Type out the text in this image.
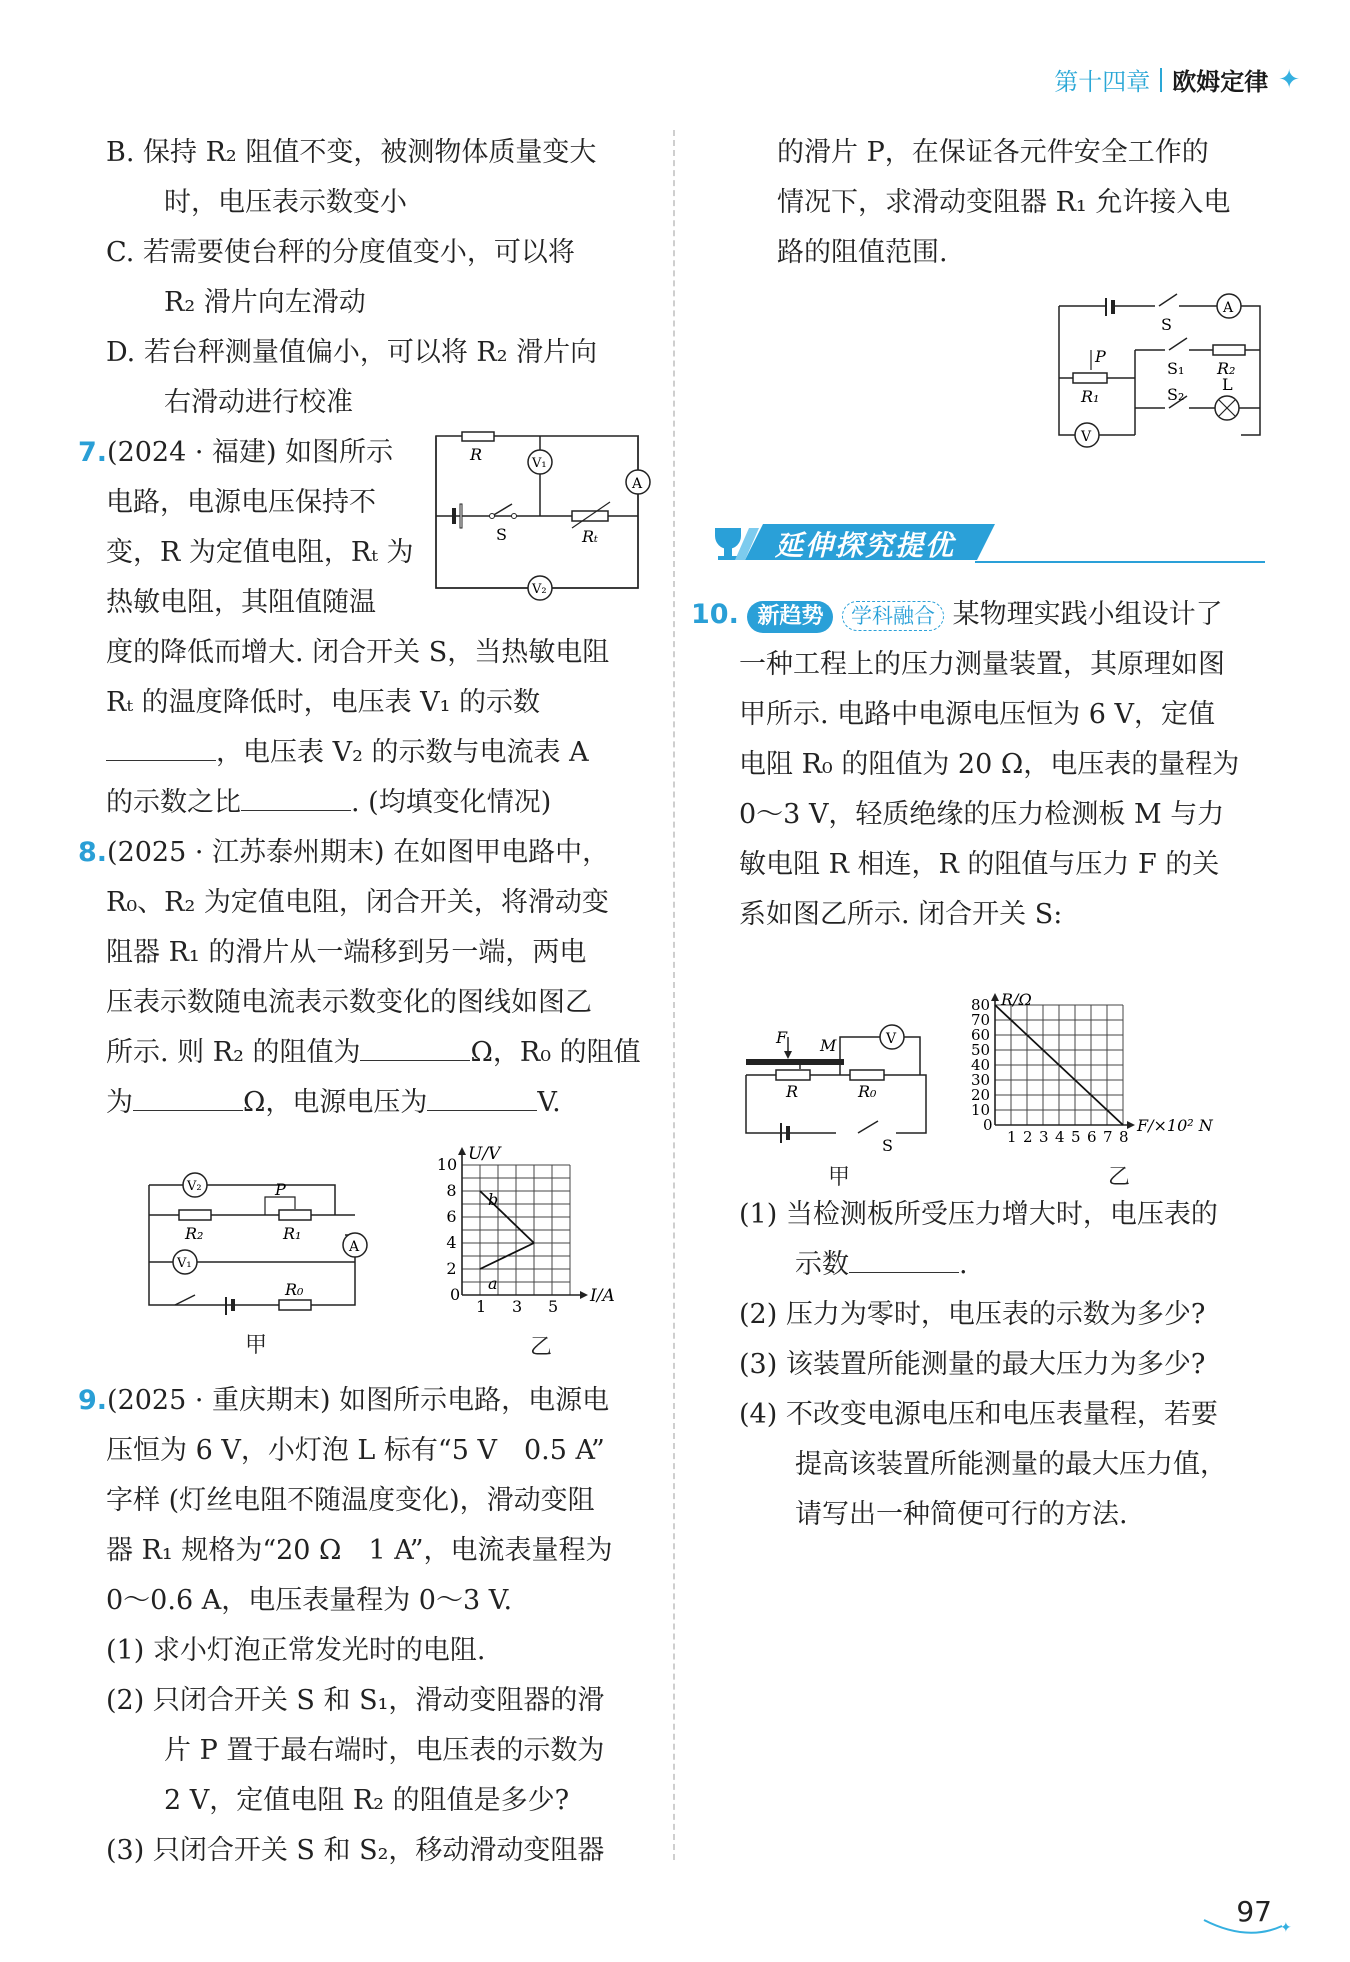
第十四章 欧姆定律 ✦
B. 保持 R₂ 阻值不变，被测物体质量变大
时，电压表示数变小
C. 若需要使台秤的分度值变小，可以将
R₂ 滑片向左滑动
D. 若台秤测量值偏小，可以将 R₂ 滑片向
右滑动进行校准
7.(2024 · 福建) 如图所示
电路，电源电压保持不
变，R 为定值电阻，Rₜ 为
热敏电阻，其阻值随温
度的降低而增大. 闭合开关 S，当热敏电阻
Rₜ 的温度降低时，电压表 V₁ 的示数
，电压表 V₂ 的示数与电流表 A
的示数之比	. (均填变化情况)
8.(2025 · 江苏泰州期末) 在如图甲电路中，
R₀、R₂ 为定值电阻，闭合开关，将滑动变
阻器 R₁ 的滑片从一端移到另一端，两电
压表示数随电流表示数变化的图线如图乙
所示. 则 R₂ 的阻值为	Ω，R₀ 的阻值
为	Ω，电源电压为	V.
R	V₁
A
S	Rₜ
V₂
V₂
R₂
P
R₁
A
V₁
R₀
甲
1 3 5
0
2
4
6
8
10
I/A
U/V
b
a
乙
9.(2025 · 重庆期末) 如图所示电路，电源电
压恒为 6 V，小灯泡 L 标有“5 V　0.5 A”
字样 (灯丝电阻不随温度变化)，滑动变阻
器 R₁ 规格为“20 Ω　1 A”，电流表量程为
0～0.6 A，电压表量程为 0～3 V.
(1) 求小灯泡正常发光时的电阻.
(2) 只闭合开关 S 和 S₁，滑动变阻器的滑
片 P 置于最右端时，电压表的示数为
2 V，定值电阻 R₂ 的阻值是多少?
(3) 只闭合开关 S 和 S₂，移动滑动变阻器
的滑片 P，在保证各元件安全工作的
情况下，求滑动变阻器 R₁ 允许接入电
路的阻值范围.
S
A
P
R₁
S₁ R₂
S₂
L
V
延伸探究提优
10. 新趋势 学科融合 某物理实践小组设计了
一种工程上的压力测量装置，其原理如图
甲所示. 电路中电源电压恒为 6 V，定值
电阻 R₀ 的阻值为 20 Ω，电压表的量程为
0～3 V，轻质绝缘的压力检测板 M 与力
敏电阻 R 相连，R 的阻值与压力 F 的关
系如图乙所示. 闭合开关 S:
F M
R	R₀
V
S
甲
1 2 3 4 5 6 7 8
0
10
20
30
40
50
60
70
80
F/×10² N
R/Ω
乙
(1) 当检测板所受压力增大时，电压表的
示数	.
(2) 压力为零时，电压表的示数为多少?
(3) 该装置所能测量的最大压力为多少?
(4) 不改变电源电压和电压表量程，若要
提高该装置所能测量的最大压力值，
请写出一种简便可行的方法.
97 ✦
